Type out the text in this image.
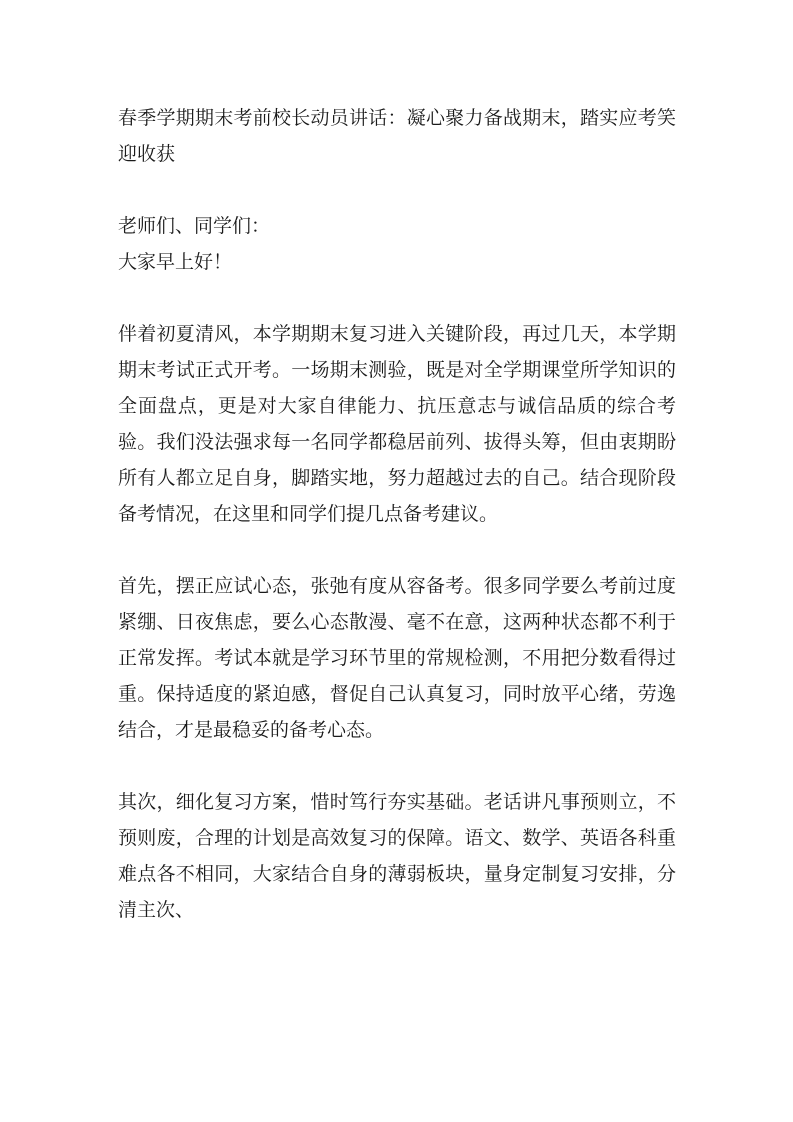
春季学期期末考前校长动员讲话：凝心聚力备战期末，踏实应考笑迎收获

老师们、同学们：

大家早上好！

伴着初夏清风，本学期期末复习进入关键阶段，再过几天，本学期期末考试正式开考。一场期末测验，既是对全学期课堂所学知识的全面盘点，更是对大家自律能力、抗压意志与诚信品质的综合考验。我们没法强求每一名同学都稳居前列、拔得头筹，但由衷期盼所有人都立足自身，脚踏实地，努力超越过去的自己。结合现阶段备考情况，在这里和同学们提几点备考建议。

首先，摆正应试心态，张弛有度从容备考。很多同学要么考前过度紧绷、日夜焦虑，要么心态散漫、毫不在意，这两种状态都不利于正常发挥。考试本就是学习环节里的常规检测，不用把分数看得过重。保持适度的紧迫感，督促自己认真复习，同时放平心绪，劳逸结合，才是最稳妥的备考心态。

其次，细化复习方案，惜时笃行夯实基础。老话讲凡事预则立，不预则废，合理的计划是高效复习的保障。语文、数学、英语各科重难点各不相同，大家结合自身的薄弱板块，量身定制复习安排，分清主次、
